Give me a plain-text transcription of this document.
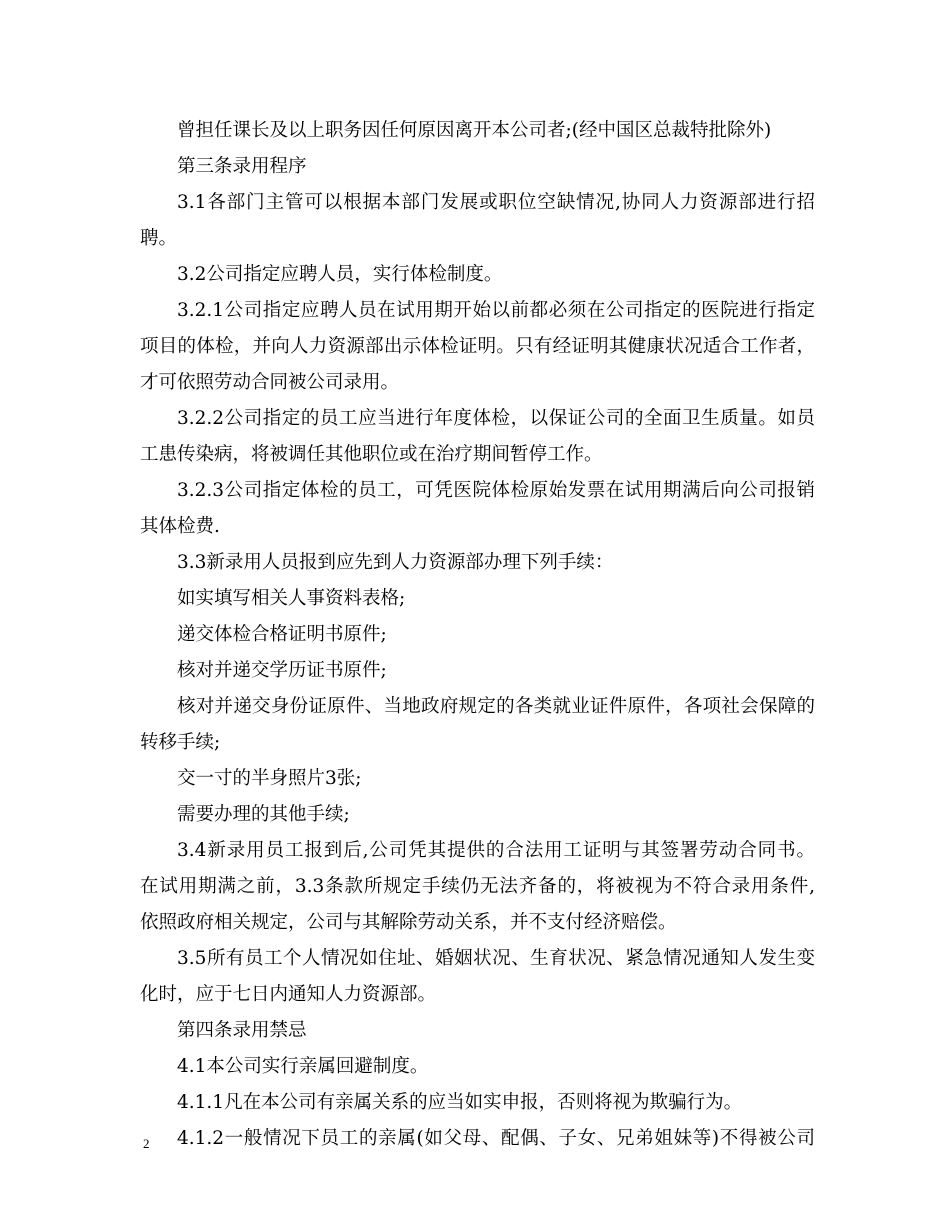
曾担任课长及以上职务因任何原因离开本公司者;(经中国区总裁特批除外)
第三条录用程序
3.1各部门主管可以根据本部门发展或职位空缺情况,协同人力资源部进行招
聘。
3.2公司指定应聘人员，实行体检制度。
3.2.1公司指定应聘人员在试用期开始以前都必须在公司指定的医院进行指定
项目的体检，并向人力资源部出示体检证明。只有经证明其健康状况适合工作者，
才可依照劳动合同被公司录用。
3.2.2公司指定的员工应当进行年度体检，以保证公司的全面卫生质量。如员
工患传染病，将被调任其他职位或在治疗期间暂停工作。
3.2.3公司指定体检的员工，可凭医院体检原始发票在试用期满后向公司报销
其体检费.
3.3新录用人员报到应先到人力资源部办理下列手续：
如实填写相关人事资料表格;
递交体检合格证明书原件;
核对并递交学历证书原件;
核对并递交身份证原件、当地政府规定的各类就业证件原件，各项社会保障的
转移手续;
交一寸的半身照片3张;
需要办理的其他手续;
3.4新录用员工报到后,公司凭其提供的合法用工证明与其签署劳动合同书。
在试用期满之前，3.3条款所规定手续仍无法齐备的，将被视为不符合录用条件,
依照政府相关规定，公司与其解除劳动关系，并不支付经济赔偿。
3.5所有员工个人情况如住址、婚姻状况、生育状况、紧急情况通知人发生变
化时，应于七日内通知人力资源部。
第四条录用禁忌
4.1本公司实行亲属回避制度。
4.1.1凡在本公司有亲属关系的应当如实申报，否则将视为欺骗行为。
4.1.2一般情况下员工的亲属(如父母、配偶、子女、兄弟姐妹等)不得被公司
2
